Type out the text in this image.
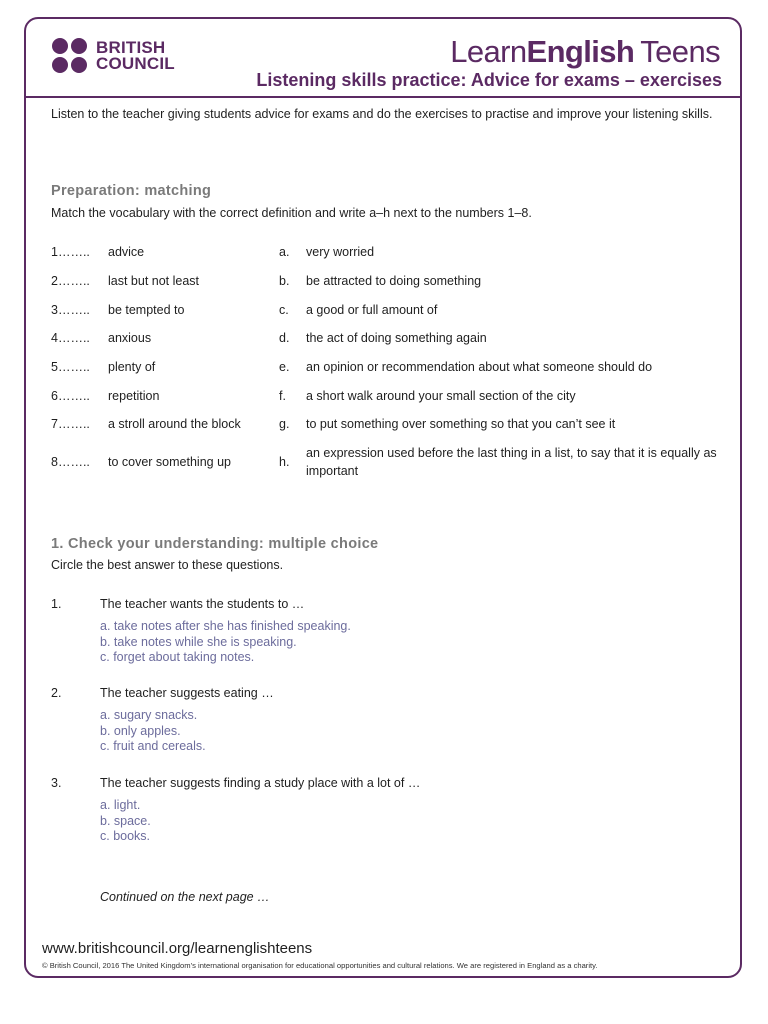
BRITISH
COUNCIL	LearnEnglish Teens
Listening skills practice: Advice for exams – exercises
Listen to the teacher giving students advice for exams and do the exercises to practise and improve your listening skills.
Preparation: matching
Match the vocabulary with the correct definition and write a–h next to the numbers 1–8.
1……..	advice	a.	very worried
2……..	last but not least	b.	be attracted to doing something
3……..	be tempted to	c.	a good or full amount of
4……..	anxious	d.	the act of doing something again
5……..	plenty of	e.	an opinion or recommendation about what someone should do
6……..	repetition	f.	a short walk around your small section of the city
7……..	a stroll around the block	g.	to put something over something so that you can’t see it
8……..	to cover something up	h.	an expression used before the last thing in a list, to say that it is equally as important
1. Check your understanding: multiple choice
Circle the best answer to these questions.
1.	The teacher wants the students to …
a. take notes after she has finished speaking.
b. take notes while she is speaking.
c. forget about taking notes.
2.	The teacher suggests eating …
a. sugary snacks.
b. only apples.
c. fruit and cereals.
3.	The teacher suggests finding a study place with a lot of …
a. light.
b. space.
c. books.
Continued on the next page …
www.britishcouncil.org/learnenglishteens
© British Council, 2016 The United Kingdom’s international organisation for educational opportunities and cultural relations. We are registered in England as a charity.
